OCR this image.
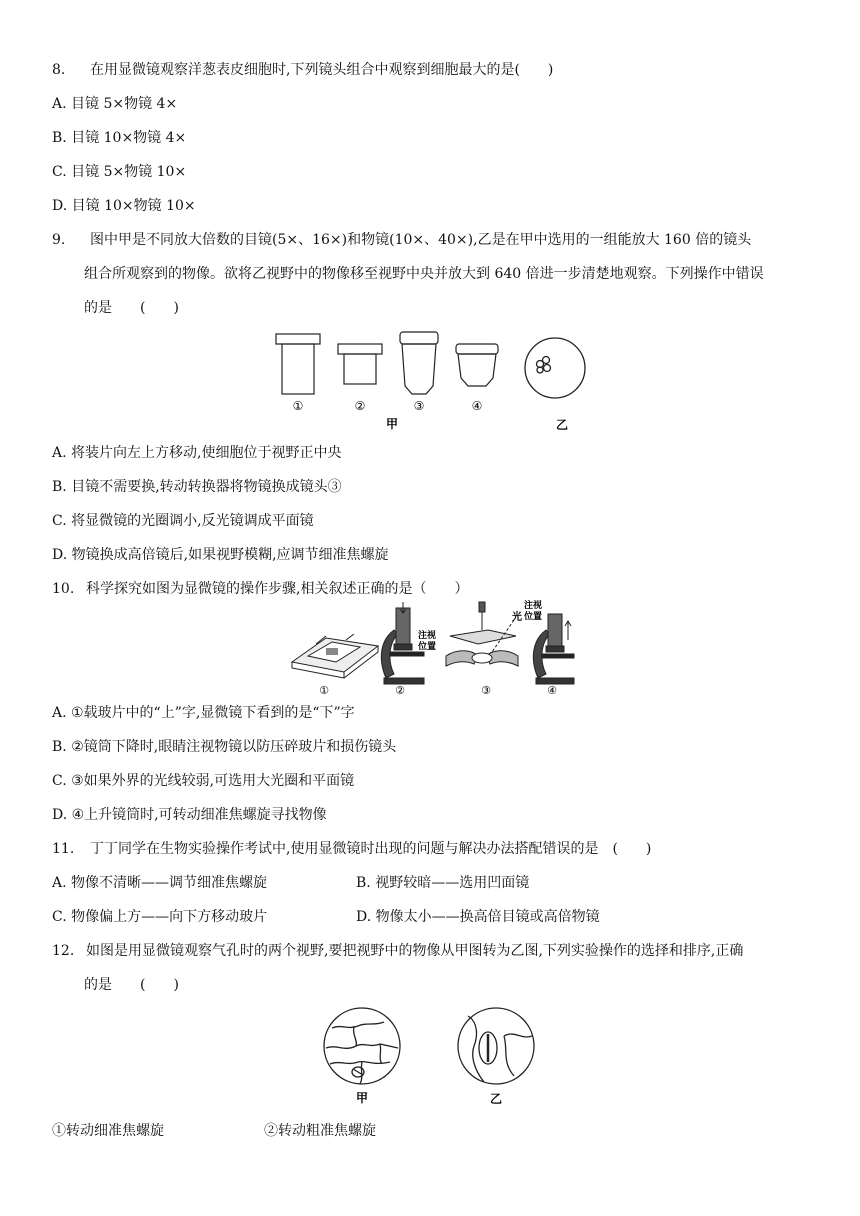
8. 在用显微镜观察洋葱表皮细胞时,下列镜头组合中观察到细胞最大的是(　　)
A. 目镜 5×物镜 4×
B. 目镜 10×物镜 4×
C. 目镜 5×物镜 10×
D. 目镜 10×物镜 10×
9. 图中甲是不同放大倍数的目镜(5×、16×)和物镜(10×、40×),乙是在甲中选用的一组能放大 160 倍的镜头
组合所观察到的物像。欲将乙视野中的物像移至视野中央并放大到 640 倍进一步清楚地观察。下列操作中错误
的是　　(　　)
①	②	③	④
甲	乙
A. 将装片向左上方移动,使细胞位于视野正中央
B. 目镜不需要换,转动转换器将物镜换成镜头③
C. 将显微镜的光圈调小,反光镜调成平面镜
D. 物镜换成高倍镜后,如果视野模糊,应调节细准焦螺旋
10. 科学探究如图为显微镜的操作步骤,相关叙述正确的是（　　）
注视
位置
光
注视
位置
①	②	③	④
A. ①载玻片中的“上”字,显微镜下看到的是“下”字
B. ②镜筒下降时,眼睛注视物镜以防压碎玻片和损伤镜头
C. ③如果外界的光线较弱,可选用大光圈和平面镜
D. ④上升镜筒时,可转动细准焦螺旋寻找物像
11. 丁丁同学在生物实验操作考试中,使用显微镜时出现的问题与解决办法搭配错误的是　(　　)
A. 物像不清晰——调节细准焦螺旋	B. 视野较暗——选用凹面镜
C. 物像偏上方——向下方移动玻片	D. 物像太小——换高倍目镜或高倍物镜
12. 如图是用显微镜观察气孔时的两个视野,要把视野中的物像从甲图转为乙图,下列实验操作的选择和排序,正确
的是　　(　　)
甲	乙
①转动细准焦螺旋	②转动粗准焦螺旋
